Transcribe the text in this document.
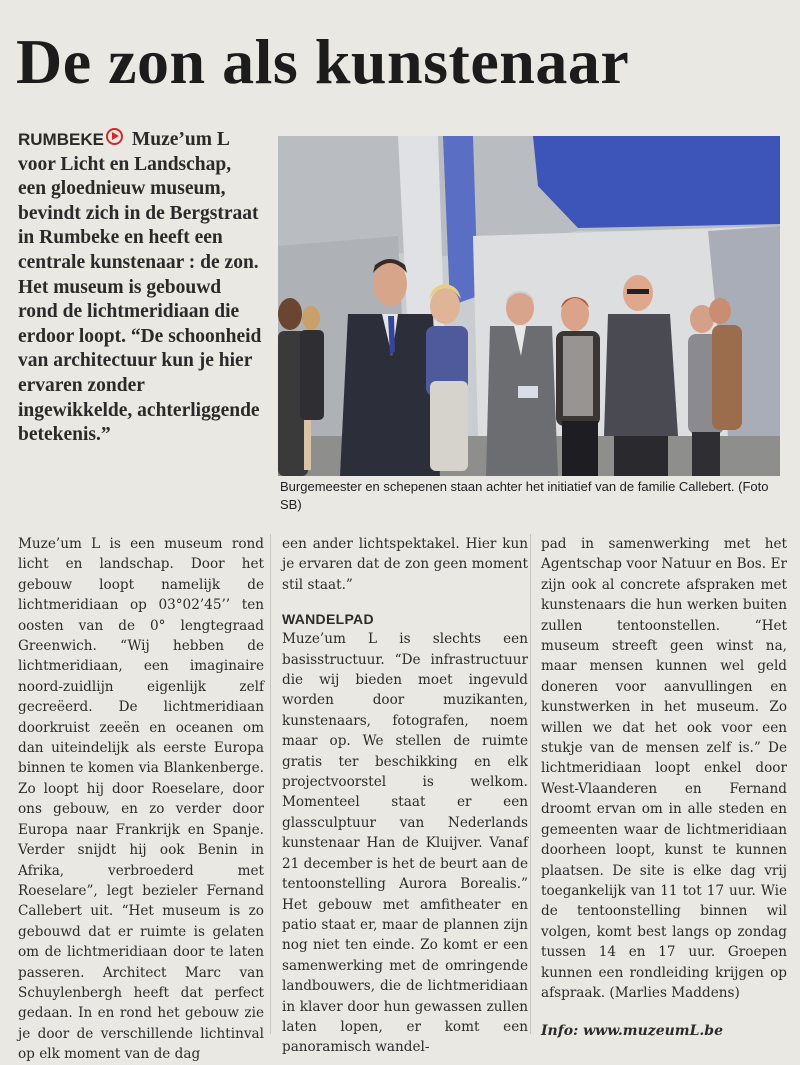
De zon als kunstenaar
RUMBEKE Muze’um L voor Licht en Landschap, een gloednieuw museum, bevindt zich in de Bergstraat in Rumbeke en heeft een centrale kunstenaar : de zon. Het museum is gebouwd rond de lichtmeridiaan die erdoor loopt. “De schoonheid van architectuur kun je hier ervaren zonder ingewikkelde, achterliggende betekenis.”
Burgemeester en schepenen staan achter het initiatief van de familie Callebert. (Foto SB)

Muze’um L is een museum rond licht en landschap. Door het gebouw loopt namelijk de lichtmeridiaan op 03°02’45’’ ten oosten van de 0° lengtegraad Greenwich. “Wij hebben de lichtmeridiaan, een imaginaire noord-zuidlijn eigenlijk zelf gecreëerd. De lichtmeridiaan doorkruist zeeën en oceanen om dan uiteindelijk als eerste Europa binnen te komen via Blankenberge. Zo loopt hij door Roeselare, door ons gebouw, en zo verder door Europa naar Frankrijk en Spanje. Verder snijdt hij ook Benin in Afrika, verbroederd met Roeselare”, legt bezieler Fernand Callebert uit. “Het museum is zo gebouwd dat er ruimte is gelaten om de lichtmeridiaan door te laten passeren. Architect Marc van Schuylenbergh heeft dat perfect gedaan. In en rond het gebouw zie je door de verschillende lichtinval op elk moment van de dag

een ander lichtspektakel. Hier kun je ervaren dat de zon geen moment stil staat.”

WANDELPAD

Muze’um L is slechts een basisstructuur. “De infrastructuur die wij bieden moet ingevuld worden door muzikanten, kunstenaars, fotografen, noem maar op. We stellen de ruimte gratis ter beschikking en elk projectvoorstel is welkom. Momenteel staat er een glassculptuur van Nederlands kunstenaar Han de Kluijver. Vanaf 21 december is het de beurt aan de tentoonstelling Aurora Borealis.” Het gebouw met amfitheater en patio staat er, maar de plannen zijn nog niet ten einde. Zo komt er een samenwerking met de omringende landbouwers, die de lichtmeridiaan in klaver door hun gewassen zullen laten lopen, er komt een panoramisch wandel-

pad in samenwerking met het Agentschap voor Natuur en Bos. Er zijn ook al concrete afspraken met kunstenaars die hun werken buiten zullen tentoonstellen. “Het museum streeft geen winst na, maar mensen kunnen wel geld doneren voor aanvullingen en kunstwerken in het museum. Zo willen we dat het ook voor een stukje van de mensen zelf is.” De lichtmeridiaan loopt enkel door West-Vlaanderen en Fernand droomt ervan om in alle steden en gemeenten waar de lichtmeridiaan doorheen loopt, kunst te kunnen plaatsen. De site is elke dag vrij toegankelijk van 11 tot 17 uur. Wie de tentoonstelling binnen wil volgen, komt best langs op zondag tussen 14 en 17 uur. Groepen kunnen een rondleiding krijgen op afspraak. (Marlies Maddens)

Info: www.muzeumL.be
